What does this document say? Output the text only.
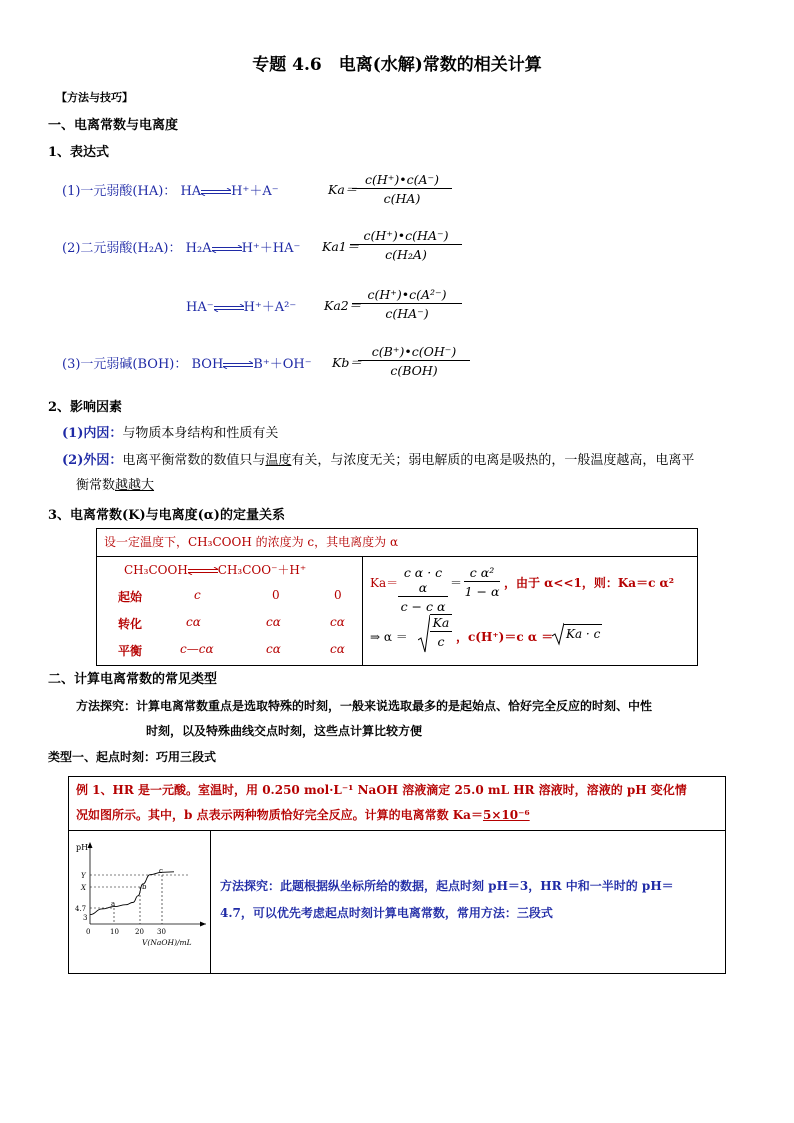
专题 4.6　电离(水解)常数的相关计算
【方法与技巧】
一、电离常数与电离度
1、表达式
(1)一元弱酸(HA)： HA⇌H⁺＋A⁻	Ka＝
$\frac{c(H^+)•c(A^-)}{c(HA)}$
(2)二元弱酸(H₂A)： H₂A⇌H⁺＋HA⁻ Ka1＝
$\frac{c(H^+)•c(HA^-)}{\text{c(H₂A)}}$
HA⁻⇌H⁺＋A²⁻ Ka2＝
$\frac{\text{c(H⁺)•c(A²⁻)}}{c(HA^-)}$
(3)一元弱碱(BOH)： BOH⇌B⁺＋OH⁻ Kb＝
c(B⁺)•c(OH⁻)
c(BOH)
2、影响因素
(1)内因：与物质本身结构和性质有关
(2)外因：电离平衡常数的数值只与温度有关，与浓度无关；弱电解质的电离是吸热的，一般温度越高，电离平
衡常数越越大
3、电离常数(K)与电离度(α)的定量关系
设一定温度下，CH₃COOH 的浓度为 c，其电离度为 α
CH₃COOH⇌CH₃COO⁻＋H⁺
起始	c	0	0
转化	cα	cα	cα
平衡	c—cα	cα	cα
$Ka= \frac{\text{c α · c α}}{\text{c − c α}} = \frac{\text{c α²}}{1 - \alpha}$ ，由于 α<<1，则：Ka＝c α²
⇒ $\alpha = \frac{Ka}{c}$ ，c(H⁺)＝c α ＝ Ka · c
二、计算电离常数的常见类型
方法探究：计算电离常数重点是选取特殊的时刻，一般来说选取最多的是起始点、恰好完全反应的时刻、中性
时刻，以及特殊曲线交点时刻，这些点计算比较方便
类型一、起点时刻：巧用三段式
例 1、HR 是一元酸。室温时，用 0.250 mol·L⁻¹ NaOH 溶液滴定 25.0 mL HR 溶液时，溶液的 pH 变化情
况如图所示。其中，b 点表示两种物质恰好完全反应。计算的电离常数 Ka＝5×10⁻⁶
方法探究：此题根据纵坐标所给的数据，起点时刻 pH＝3，HR 中和一半时的 pH＝
4.7，可以优先考虑起点时刻计算电离常数，常用方法：三段式
pH
Y
X
4.7
3
0	10 20 30
V(NaOH)/mL
a
b
c
